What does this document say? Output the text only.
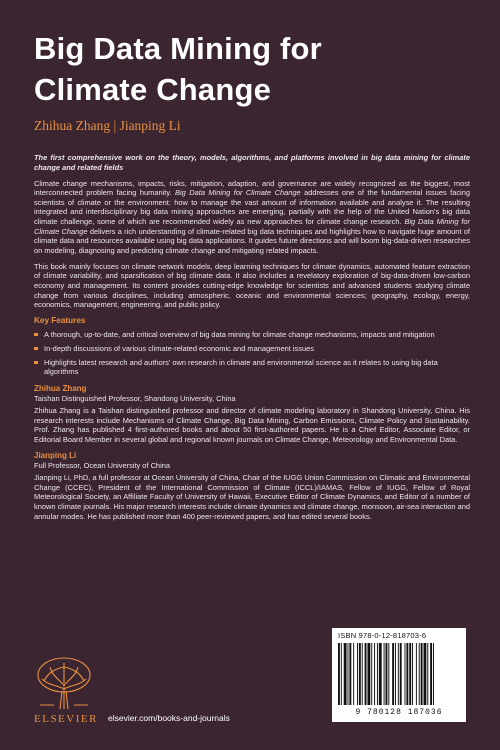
Big Data Mining for
Climate Change
Zhihua Zhang | Jianping Li

The first comprehensive work on the theory, models, algorithms, and platforms involved in big data mining for climate change and related fields

Climate change mechanisms, impacts, risks, mitigation, adaption, and governance are widely recognized as the biggest, most interconnected problem facing humanity. Big Data Mining for Climate Change addresses one of the fundamental issues facing scientists of climate or the environment: how to manage the vast amount of information available and analyse it. The resulting integrated and interdisciplinary big data mining approaches are emerging, partially with the help of the United Nation's big data climate challenge, some of which are recommended widely as new approaches for climate change research. Big Data Mining for Climate Change delivers a rich understanding of climate-related big data techniques and highlights how to navigate huge amount of climate data and resources available using big data applications. It guides future directions and will boom big-data-driven researches on modeling, diagnosing and predicting climate change and mitigating related impacts.

This book mainly focuses on climate network models, deep learning techniques for climate dynamics, automated feature extraction of climate variability, and sparsification of big climate data. It also includes a revelatory exploration of big-data-driven low-carbon economy and management. Its content provides cutting-edge knowledge for scientists and advanced students studying climate change from various disciplines, including atmospheric, oceanic and environmental sciences; geography, ecology, energy, economics, management, engineering, and public policy.

Key Features
A thorough, up-to-date, and critical overview of big data mining for climate change mechanisms, impacts and mitigation
In-depth discussions of various climate-related economic and management issues
Highlights latest research and authors' own research in climate and environmental science as it relates to using big data algorithms
Zhihua Zhang
Taishan Distinguished Professor, Shandong University, China

Zhihua Zhang is a Taishan distinguished professor and director of climate modeling laboratory in Shandong University, China. His research interests include Mechanisms of Climate Change, Big Data Mining, Carbon Emissions, Climate Policy and Sustainability. Prof. Zhang has published 4 first-authored books and about 50 first-authored papers. He is a Chief Editor, Associate Editor, or Editorial Board Member in several global and regional known journals on Climate Change, Meteorology and Environmental Data.

Jianping Li
Full Professor, Ocean University of China

Jianping Li, PhD, a full professor at Ocean University of China, Chair of the IUGG Union Commission on Climatic and Environmental Change (CCEC), President of the International Commission of Climate (ICCL)/IAMAS, Fellow of IUGG, Fellow of Royal Meteorological Society, an Affiliate Faculty of University of Hawaii, Executive Editor of Climate Dynamics, and Editor of a number of known climate journals. His major research interests include climate dynamics and climate change, monsoon, air-sea interaction and annular modes. He has published more than 400 peer-reviewed papers, and has edited several books.

ELSEVIER elsevier.com/books-and-journals
ISBN 978-0-12-818703-6
9 780128 187036
